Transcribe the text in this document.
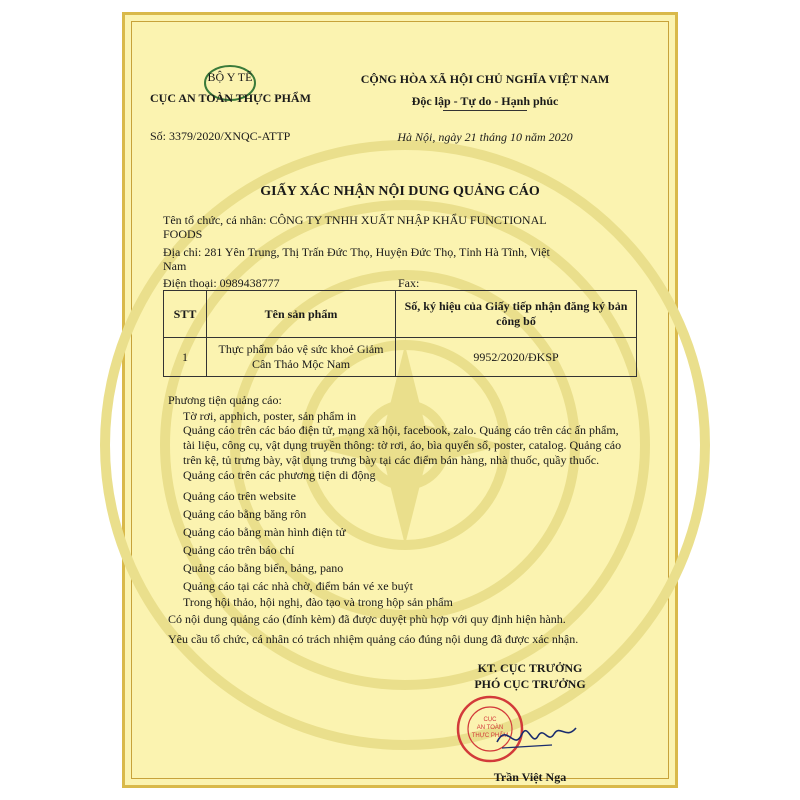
BỘ Y TẾ
CỤC AN TOÀN THỰC PHẨM
Số: 3379/2020/XNQC-ATTP
CỘNG HÒA XÃ HỘI CHỦ NGHĨA VIỆT NAM
Độc lập - Tự do - Hạnh phúc
Hà Nội, ngày 21 tháng 10 năm 2020
GIẤY XÁC NHẬN NỘI DUNG QUẢNG CÁO
Tên tổ chức, cá nhân: CÔNG TY TNHH XUẤT NHẬP KHẨU FUNCTIONAL
FOODS
Địa chỉ: 281 Yên Trung, Thị Trấn Đức Thọ, Huyện Đức Thọ, Tỉnh Hà Tĩnh, Việt
Nam
Điện thoại: 0989438777	Fax:
STT	Tên sản phẩm	Số, ký hiệu của Giấy tiếp nhận đăng ký bản công bố
1	Thực phẩm bảo vệ sức khoẻ Giảm Cân Thảo Mộc Nam	9952/2020/ĐKSP
Phương tiện quảng cáo:
Tờ rơi, apphich, poster, sản phẩm in
Quảng cáo trên các báo điện tử, mạng xã hội, facebook, zalo. Quảng cáo trên các ấn phẩm, tài liệu, công cụ, vật dụng truyền thông: tờ rơi, áo, bìa quyển sổ, poster, catalog. Quảng cáo trên kệ, tủ trưng bày, vật dụng trưng bày tại các điểm bán hàng, nhà thuốc, quầy thuốc. Quảng cáo trên các phương tiện di động
Quảng cáo trên website
Quảng cáo bằng băng rôn
Quảng cáo bằng màn hình điện tử
Quảng cáo trên báo chí
Quảng cáo bằng biển, bảng, pano
Quảng cáo tại các nhà chờ, điểm bán vé xe buýt
Trong hội thảo, hội nghị, đào tạo và trong hộp sản phẩm
Có nội dung quảng cáo (đính kèm) đã được duyệt phù hợp với quy định hiện hành.
Yêu cầu tổ chức, cá nhân có trách nhiệm quảng cáo đúng nội dung đã được xác nhận.
KT. CỤC TRƯỞNG
PHÓ CỤC TRƯỞNG
CỤC
AN TOÀN
THỰC PHẨM
Trần Việt Nga
